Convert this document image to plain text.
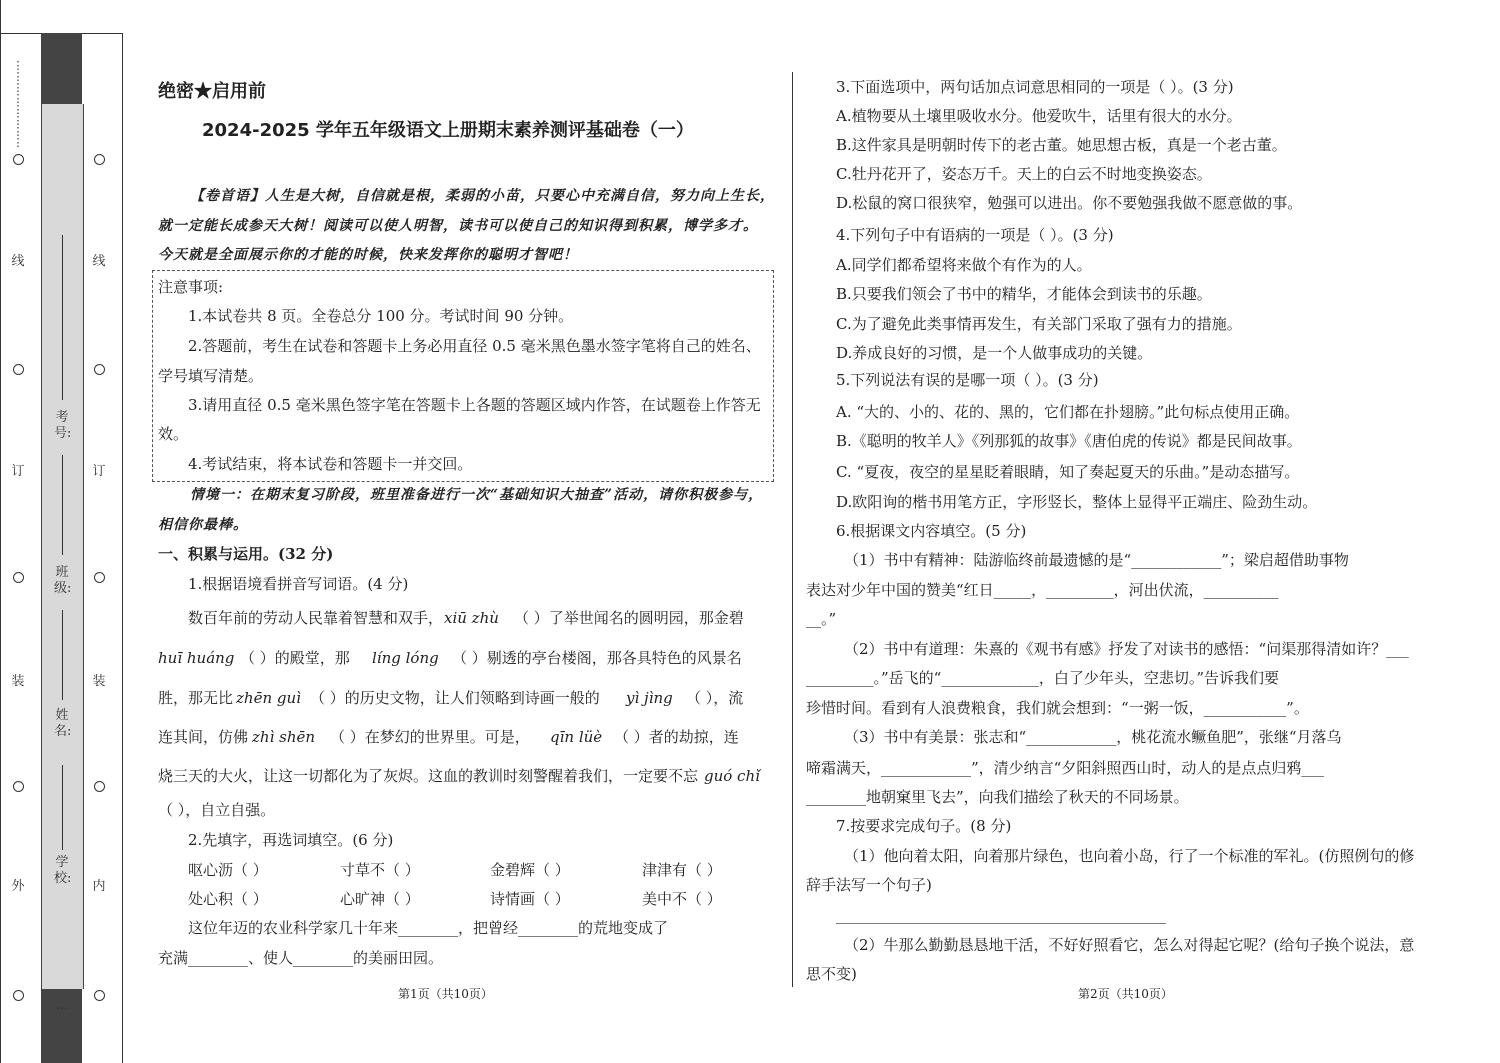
⋮⋮⋮⋮⋮⋮⋮⋮
线
订
装
外
线
订
装
内
考号:
班级:
姓名:
学校:
…
绝密★启用前
2024-2025 学年五年级语文上册期末素养测评基础卷（一）
【卷首语】人生是大树，自信就是根，柔弱的小苗，只要心中充满自信，努力向上生长，
就一定能长成参天大树！阅读可以使人明智，读书可以使自己的知识得到积累，博学多才。
今天就是全面展示你的才能的时候，快来发挥你的聪明才智吧！
注意事项:
1.本试卷共 8 页。全卷总分 100 分。考试时间 90 分钟。
2.答题前，考生在试卷和答题卡上务必用直径 0.5 毫米黑色墨水签字笔将自己的姓名、
学号填写清楚。
3.请用直径 0.5 毫米黑色签字笔在答题卡上各题的答题区域内作答，在试题卷上作答无
效。
4.考试结束，将本试卷和答题卡一并交回。
情境一：在期末复习阶段，班里准备进行一次“基础知识大抽查”活动，请你积极参与，
相信你最棒。
一、积累与运用。(32 分)
1.根据语境看拼音写词语。(4 分)
数百年前的劳动人民靠着智慧和双手， xiū zhù （ ）了举世闻名的圆明园，那金碧
huī huáng （ ）的殿堂，那 líng lóng （ ）剔透的亭台楼阁，那各具特色的风景名
胜，那无比 zhēn guì （ ）的历史文物，让人们领略到诗画一般的 yì jìng （ ），流
连其间，仿佛 zhì shēn （ ）在梦幻的世界里。可是， qīn lüè （ ）者的劫掠，连
烧三天的大火，让这一切都化为了灰烬。这血的教训时刻警醒着我们，一定要不忘 guó chǐ
（ ），自立自强。
2.先填字，再选词填空。(6 分)
呕心沥（ ）	寸草不（ ）	金碧辉（ ）	津津有（ ）
处心积（ ）	心旷神（ ）	诗情画（ ）	美中不（ ）
这位年迈的农业科学家几十年来________，把曾经________的荒地变成了
充满________、使人________的美丽田园。
第1页（共10页）
3.下面选项中，两句话加点词意思相同的一项是（ ）。(3 分)
A.植物要从土壤里吸收水分。他爱吹牛，话里有很大的水分。
B.这件家具是明朝时传下的老古董。她思想古板，真是一个老古董。
C.牡丹花开了，姿态万千。天上的白云不时地变换姿态。
D.松鼠的窝口很狭窄，勉强可以进出。你不要勉强我做不愿意做的事。
4.下列句子中有语病的一项是（ ）。(3 分)
A.同学们都希望将来做个有作为的人。
B.只要我们领会了书中的精华，才能体会到读书的乐趣。
C.为了避免此类事情再发生，有关部门采取了强有力的措施。
D.养成良好的习惯，是一个人做事成功的关键。
5.下列说法有误的是哪一项（ ）。(3 分)
A. “大的、小的、花的、黑的，它们都在扑翅膀。”此句标点使用正确。
B.《聪明的牧羊人》《列那狐的故事》《唐伯虎的传说》都是民间故事。
C. “夏夜，夜空的星星眨着眼睛，知了奏起夏天的乐曲。”是动态描写。
D.欧阳询的楷书用笔方正，字形竖长，整体上显得平正端庄、险劲生动。
6.根据课文内容填空。(5 分)
（1）书中有精神：陆游临终前最遗憾的是“____________”；梁启超借助事物
表达对少年中国的赞美“红日_____，_________，河出伏流，__________
__。”
（2）书中有道理：朱熹的《观书有感》抒发了对读书的感悟：“问渠那得清如许？___
_________。”岳飞的“_____________，白了少年头，空悲切。”告诉我们要
珍惜时间。看到有人浪费粮食，我们就会想到：“一粥一饭，___________”。
（3）书中有美景：张志和“____________，桃花流水鳜鱼肥”，张继“月落乌
啼霜满天，____________”，清少纳言“夕阳斜照西山时，动人的是点点归鸦___
________地朝窠里飞去”，向我们描绘了秋天的不同场景。
7.按要求完成句子。(8 分)
（1）他向着太阳，向着那片绿色，也向着小岛，行了一个标准的军礼。(仿照例句的修
辞手法写一个句子)
____________________________________________
（2）牛那么勤勤恳恳地干活，不好好照看它，怎么对得起它呢？(给句子换个说法，意
思不变)
第2页（共10页）
